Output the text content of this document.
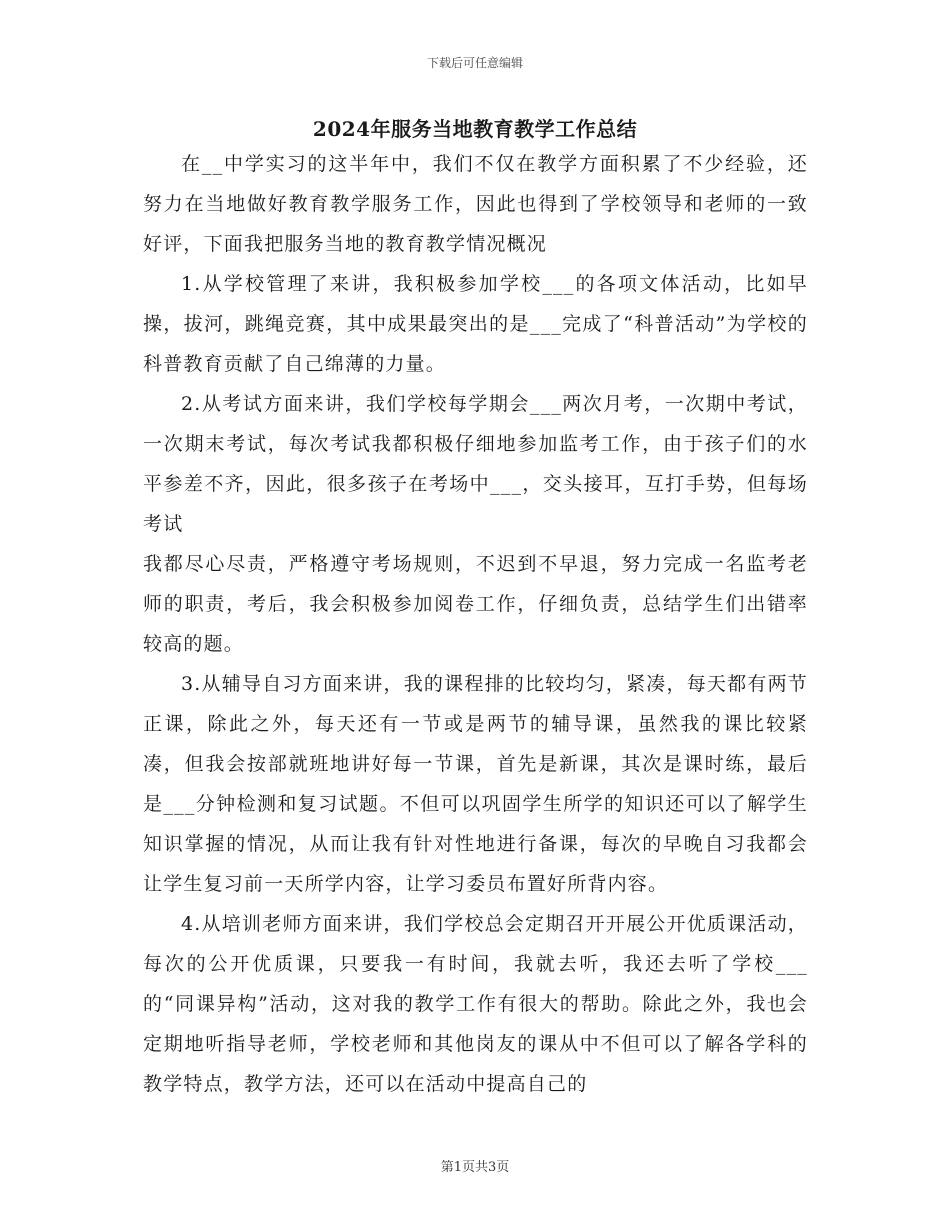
下载后可任意编辑
2024年服务当地教育教学工作总结

在__中学实习的这半年中，我们不仅在教学方面积累了不少经验，还努力在当地做好教育教学服务工作，因此也得到了学校领导和老师的一致好评，下面我把服务当地的教育教学情况概况

1.从学校管理了来讲，我积极参加学校___的各项文体活动，比如早操，拔河，跳绳竞赛，其中成果最突出的是___完成了“科普活动”为学校的科普教育贡献了自己绵薄的力量。

2.从考试方面来讲，我们学校每学期会___两次月考，一次期中考试，一次期末考试，每次考试我都积极仔细地参加监考工作，由于孩子们的水平参差不齐，因此，很多孩子在考场中___，交头接耳，互打手势，但每场考试

我都尽心尽责，严格遵守考场规则，不迟到不早退，努力完成一名监考老师的职责，考后，我会积极参加阅卷工作，仔细负责，总结学生们出错率较高的题。

3.从辅导自习方面来讲，我的课程排的比较均匀，紧凑，每天都有两节正课，除此之外，每天还有一节或是两节的辅导课，虽然我的课比较紧凑，但我会按部就班地讲好每一节课，首先是新课，其次是课时练，最后是___分钟检测和复习试题。不但可以巩固学生所学的知识还可以了解学生知识掌握的情况，从而让我有针对性地进行备课，每次的早晚自习我都会让学生复习前一天所学内容，让学习委员布置好所背内容。

4.从培训老师方面来讲，我们学校总会定期召开开展公开优质课活动，每次的公开优质课，只要我一有时间，我就去听，我还去听了学校___的“同课异构”活动，这对我的教学工作有很大的帮助。除此之外，我也会定期地听指导老师，学校老师和其他岗友的课从中不但可以了解各学科的教学特点，教学方法，还可以在活动中提高自己的

第1页共3页
